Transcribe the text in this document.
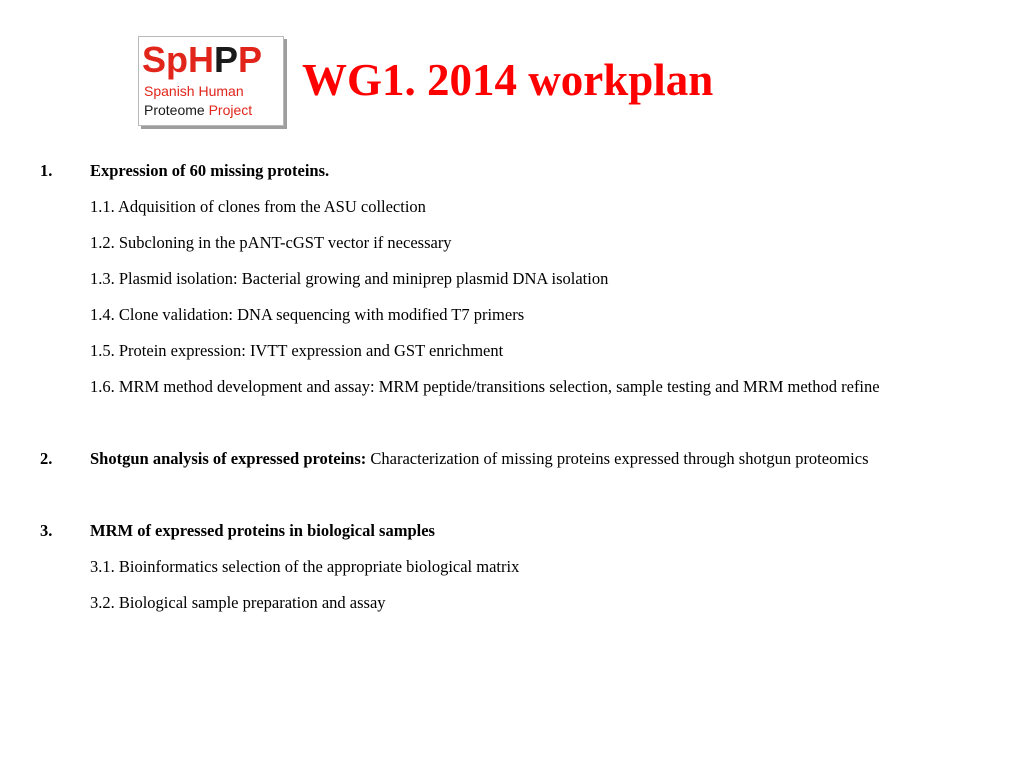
SpHPP
Spanish Human
Proteome Project
WG1. 2014 workplan
1. Expression of 60 missing proteins.
1.1. Adquisition of clones from the ASU collection
1.2. Subcloning in the pANT-cGST vector if necessary
1.3. Plasmid isolation: Bacterial growing and miniprep plasmid DNA isolation
1.4. Clone validation: DNA sequencing with modified T7 primers
1.5. Protein expression: IVTT expression and GST enrichment
1.6. MRM method development and assay: MRM peptide/transitions selection, sample testing and MRM method refine
2. Shotgun analysis of expressed proteins: Characterization of missing proteins expressed through shotgun proteomics
3. MRM of expressed proteins in biological samples
3.1. Bioinformatics selection of the appropriate biological matrix
3.2. Biological sample preparation and assay
